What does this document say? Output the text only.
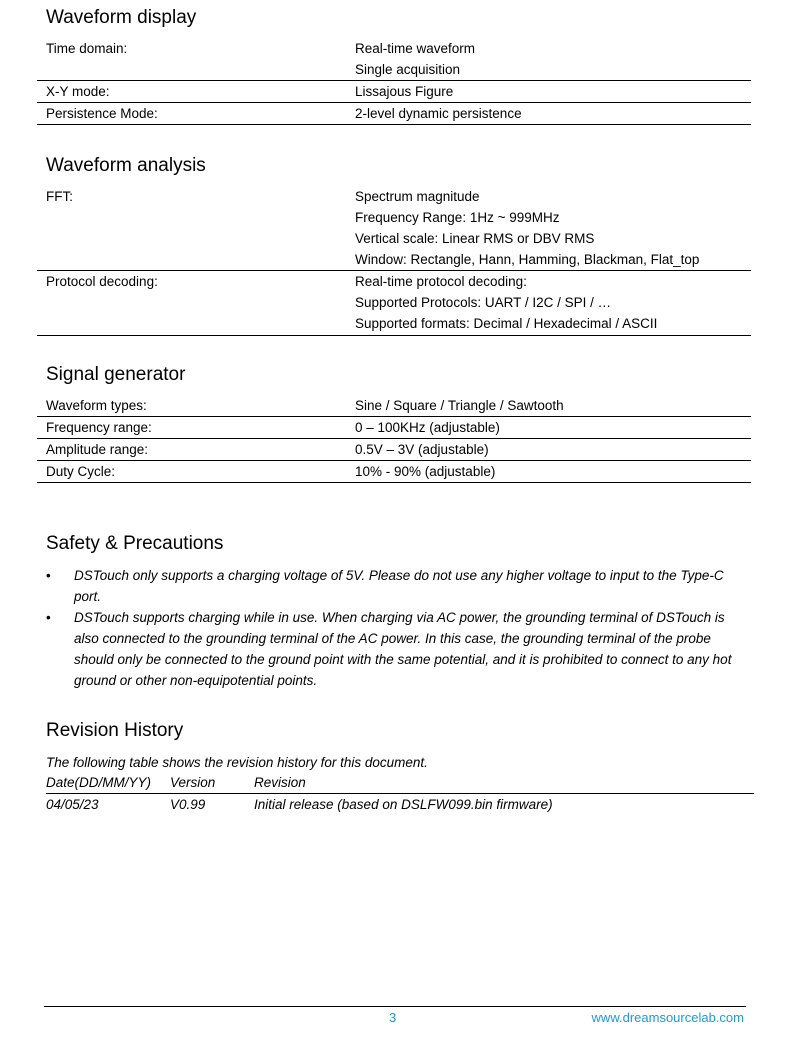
Waveform display
Time domain:	Real-time waveform
Single acquisition

X-Y mode:	Lissajous Figure
Persistence Mode:	2-level dynamic persistence
Waveform analysis
FFT:	Spectrum magnitude
Frequency Range: 1Hz ~ 999MHz
Vertical scale: Linear RMS or DBV RMS
Window: Rectangle, Hann, Hamming, Blackman, Flat_top

Protocol decoding:	Real-time protocol decoding:
Supported Protocols: UART / I2C / SPI / …
Supported formats: Decimal / Hexadecimal / ASCII
Signal generator
Waveform types:	Sine / Square / Triangle / Sawtooth
Frequency range:	0 – 100KHz (adjustable)
Amplitude range:	0.5V – 3V (adjustable)
Duty Cycle:	10% - 90% (adjustable)
Safety & Precautions
• DSTouch only supports a charging voltage of 5V. Please do not use any higher voltage to input to the Type-C port.
• DSTouch supports charging while in use. When charging via AC power, the grounding terminal of DSTouch is also connected to the grounding terminal of the AC power. In this case, the grounding terminal of the probe should only be connected to the ground point with the same potential, and it is prohibited to connect to any hot ground or other non-equipotential points.
Revision History
The following table shows the revision history for this document.
Date(DD/MM/YY)	Version	Revision
04/05/23	V0.99	Initial release (based on DSLFW099.bin firmware)
3	www.dreamsourcelab.com
